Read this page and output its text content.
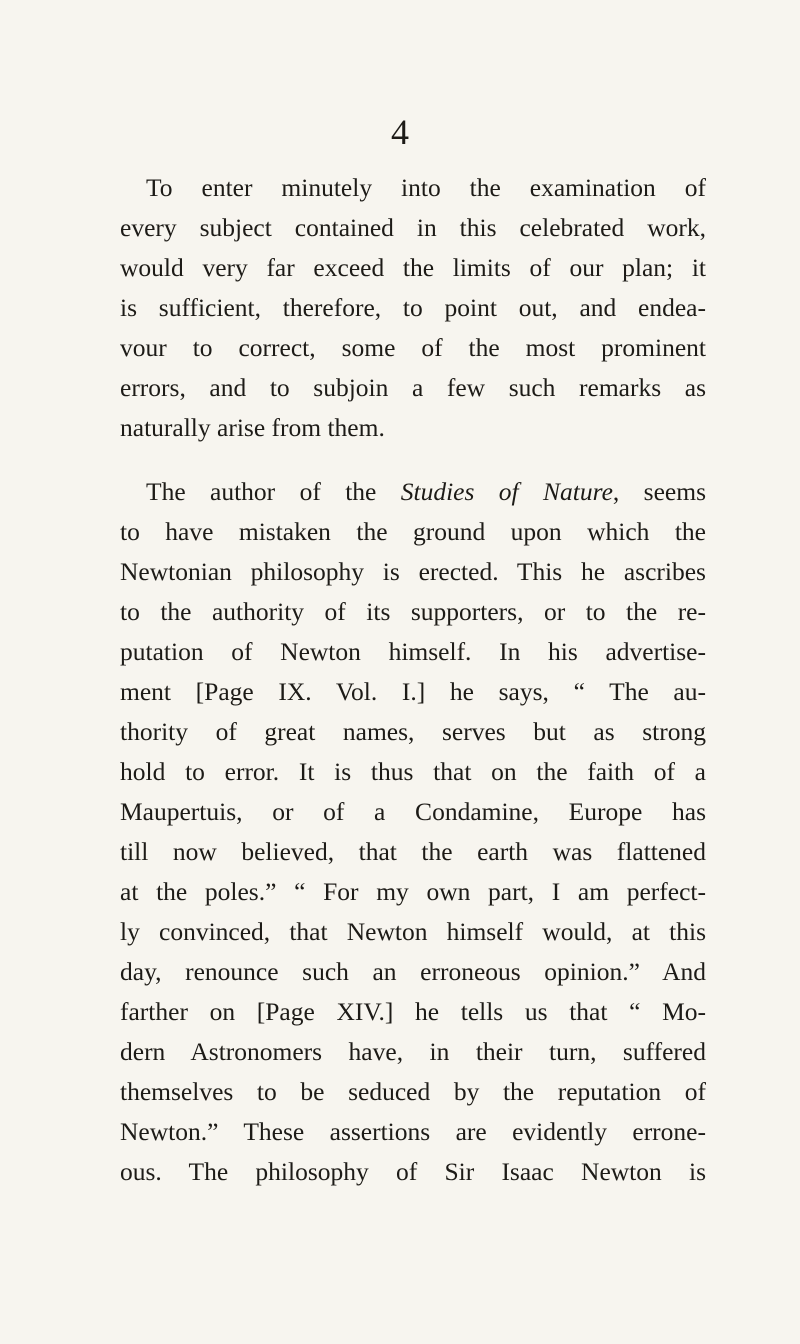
4
To enter minutely into the examination of
every subject contained in this celebrated work,
would very far exceed the limits of our plan; it
is sufficient, therefore, to point out, and endea-
vour to correct, some of the most prominent
errors, and to subjoin a few such remarks as
naturally arise from them.
The author of the Studies of Nature, seems
to have mistaken the ground upon which the
Newtonian philosophy is erected. This he ascribes
to the authority of its supporters, or to the re-
putation of Newton himself. In his advertise-
ment [Page IX. Vol. I.] he says, “ The au-
thority of great names, serves but as strong
hold to error. It is thus that on the faith of a
Maupertuis, or of a Condamine, Europe has
till now believed, that the earth was flattened
at the poles.” “ For my own part, I am perfect-
ly convinced, that Newton himself would, at this
day, renounce such an erroneous opinion.” And
farther on [Page XIV.] he tells us that “ Mo-
dern Astronomers have, in their turn, suffered
themselves to be seduced by the reputation of
Newton.” These assertions are evidently errone-
ous. The philosophy of Sir Isaac Newton is
